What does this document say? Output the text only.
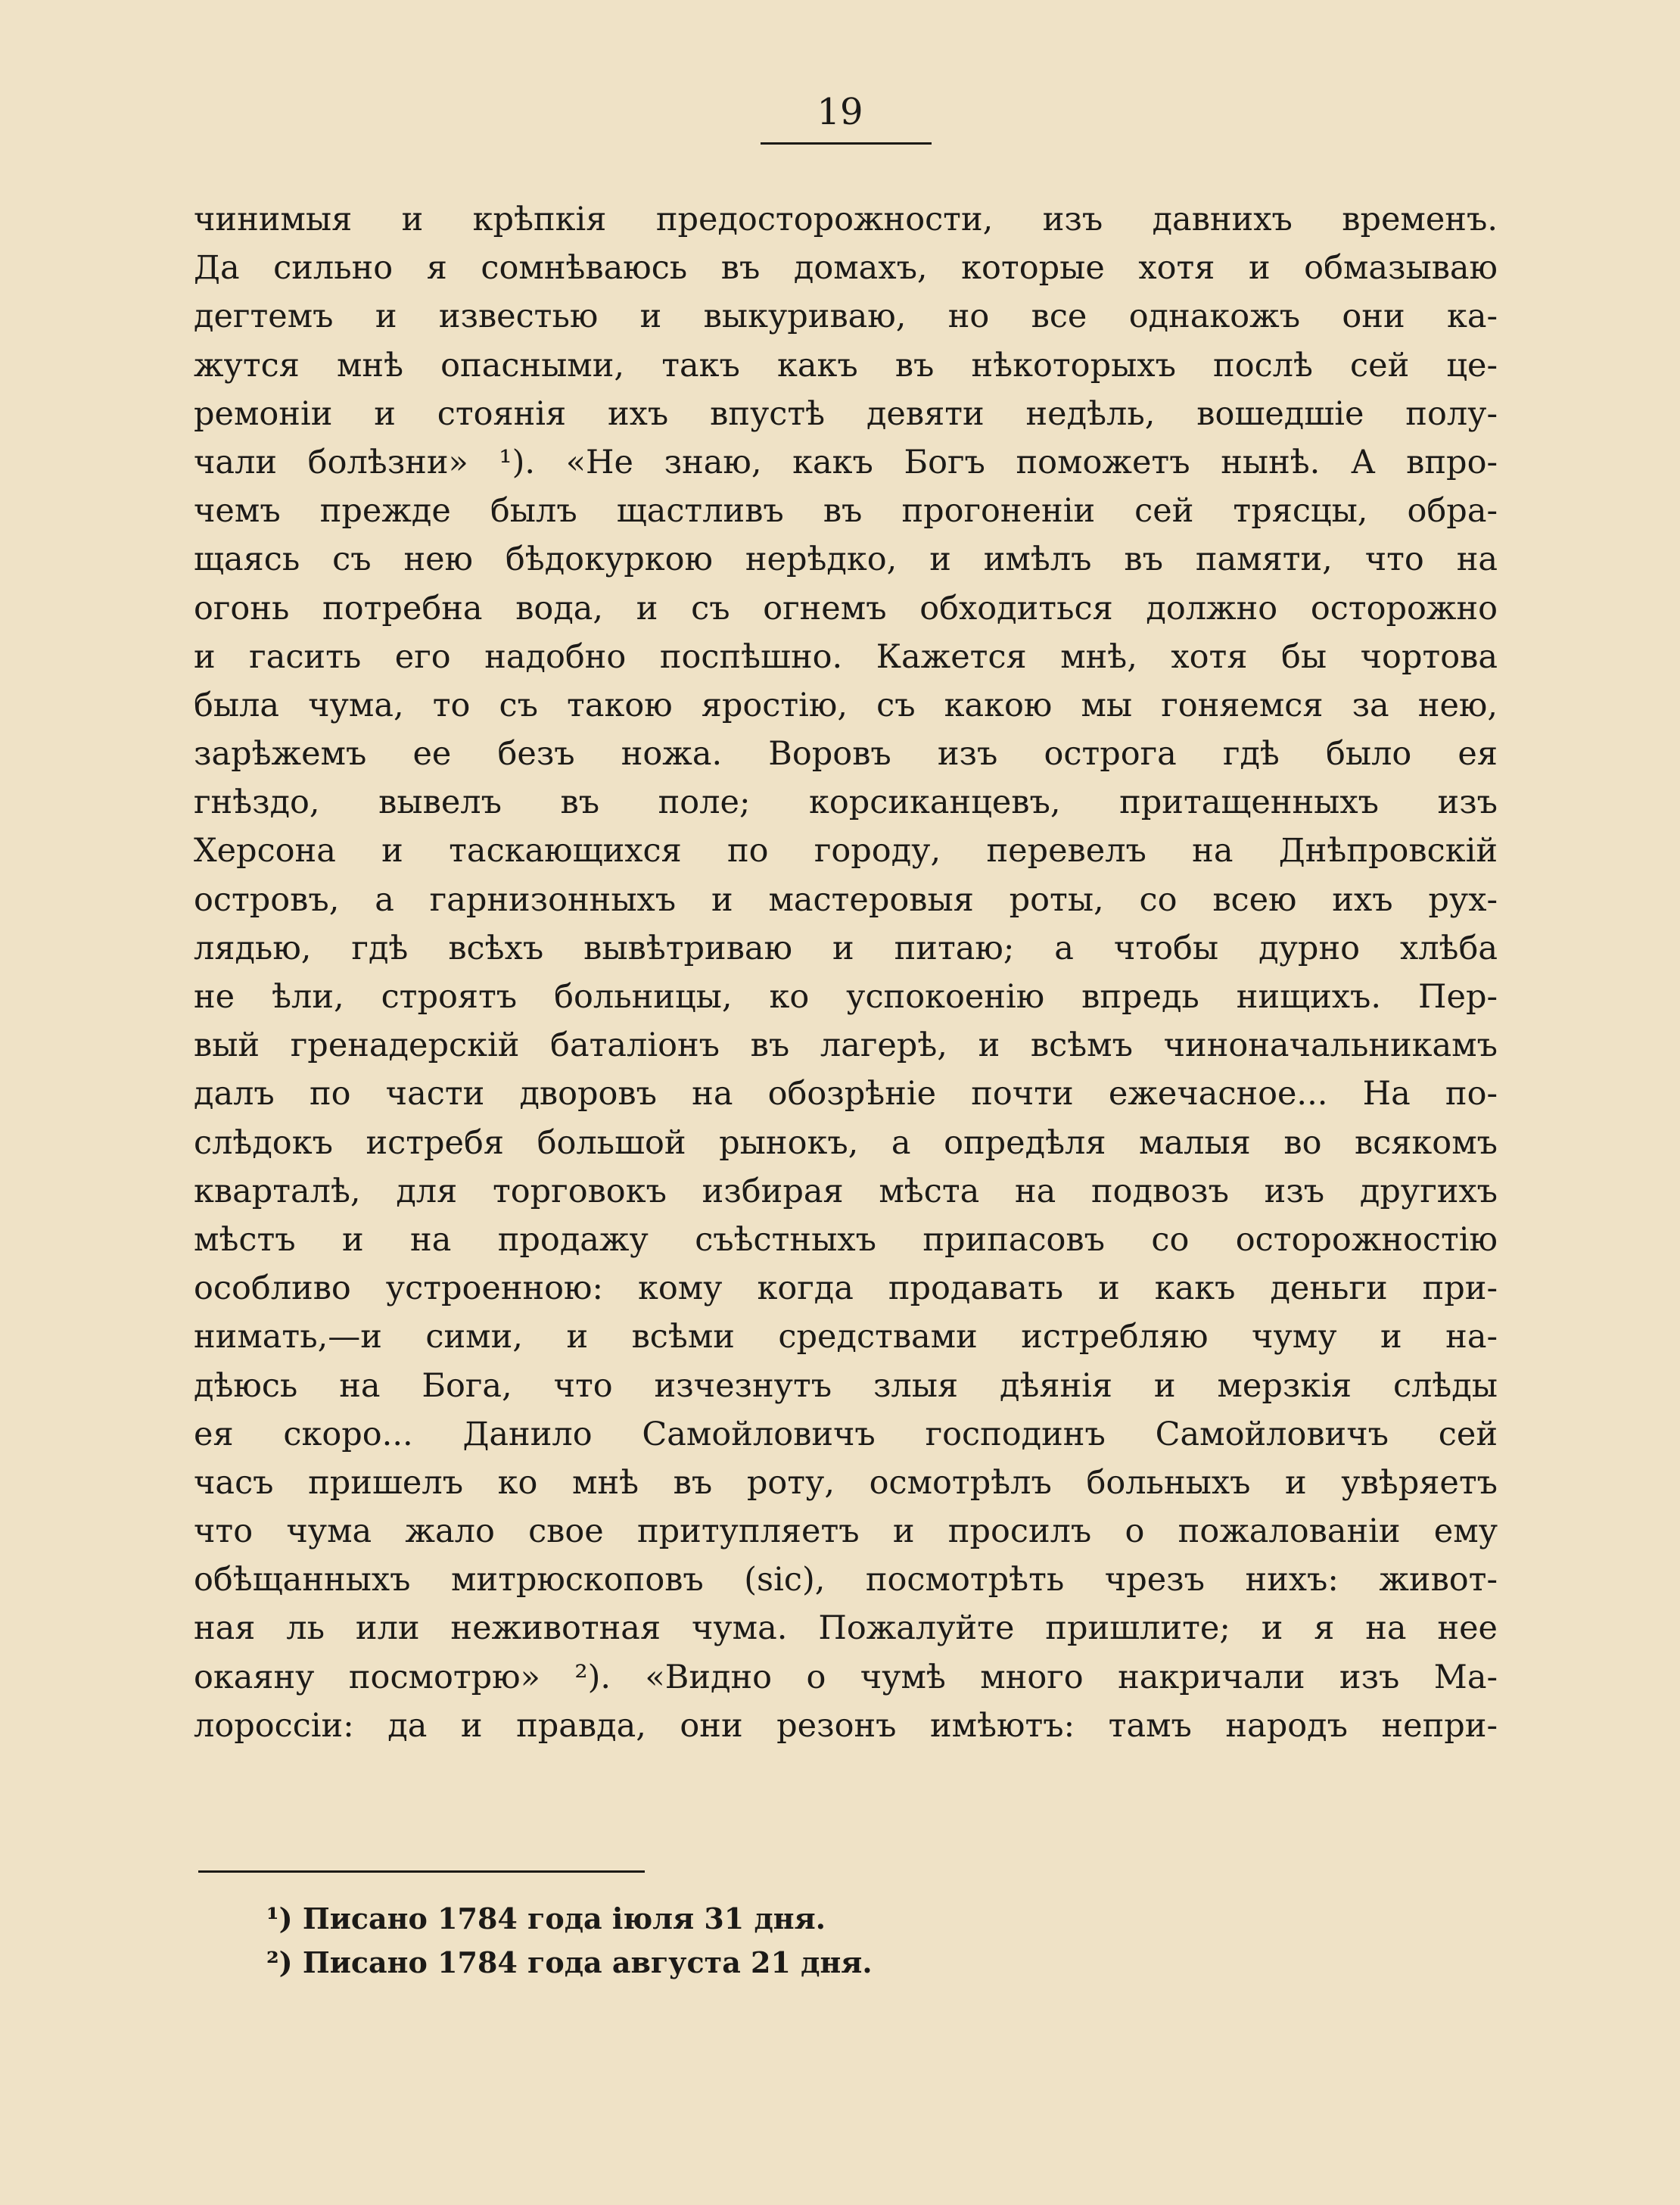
19
чинимыя и крѣпкія предосторожности, изъ давнихъ временъ.
Да сильно я сомнѣваюсь въ домахъ, которые хотя и обмазываю
дегтемъ и известью и выкуриваю, но все однакожъ они ка-
жутся мнѣ опасными, такъ какъ въ нѣкоторыхъ послѣ сей це-
ремоніи и стоянія ихъ впустѣ девяти недѣль, вошедшіе полу-
чали болѣзни» ¹). «Не знаю, какъ Богъ поможетъ нынѣ. А впро-
чемъ прежде былъ щастливъ въ прогоненіи сей трясцы, обра-
щаясь съ нею бѣдокуркою нерѣдко, и имѣлъ въ памяти, что на
огонь потребна вода, и съ огнемъ обходиться должно осторожно
и гасить его надобно поспѣшно. Кажется мнѣ, хотя бы чортова
была чума, то съ такою яростію, съ какою мы гоняемся за нею,
зарѣжемъ ее безъ ножа. Воровъ изъ острога гдѣ было ея
гнѣздо, вывелъ въ поле; корсиканцевъ, притащенныхъ изъ
Херсона и таскающихся по городу, перевелъ на Днѣпровскій
островъ, а гарнизонныхъ и мастеровыя роты, со всею ихъ рух-
лядью, гдѣ всѣхъ вывѣтриваю и питаю; а чтобы дурно хлѣба
не ѣли, строятъ больницы, ко успокоенію впредь нищихъ. Пер-
вый гренадерскій баталіонъ въ лагерѣ, и всѣмъ чиноначальникамъ
далъ по части дворовъ на обозрѣніе почти ежечасное... На по-
слѣдокъ истребя большой рынокъ, а опредѣля малыя во всякомъ
кварталѣ, для торговокъ избирая мѣста на подвозъ изъ другихъ
мѣстъ и на продажу съѣстныхъ припасовъ со осторожностію
особливо устроенною: кому когда продавать и какъ деньги при-
нимать,—и сими, и всѣми средствами истребляю чуму и на-
дѣюсь на Бога, что изчезнутъ злыя дѣянія и мерзкія слѣды
ея скоро... Данило Самойловичъ господинъ Самойловичъ сей
часъ пришелъ ко мнѣ въ роту, осмотрѣлъ больныхъ и увѣряетъ
что чума жало свое притупляетъ и просилъ о пожалованіи ему
обѣщанныхъ митрюскоповъ (sic), посмотрѣть чрезъ нихъ: живот-
ная ль или неживотная чума. Пожалуйте пришлите; и я на нее
окаяну посмотрю» ²). «Видно о чумѣ много накричали изъ Ма-
лороссіи: да и правда, они резонъ имѣютъ: тамъ народъ непри-
¹) Писано 1784 года іюля 31 дня.
²) Писано 1784 года августа 21 дня.
